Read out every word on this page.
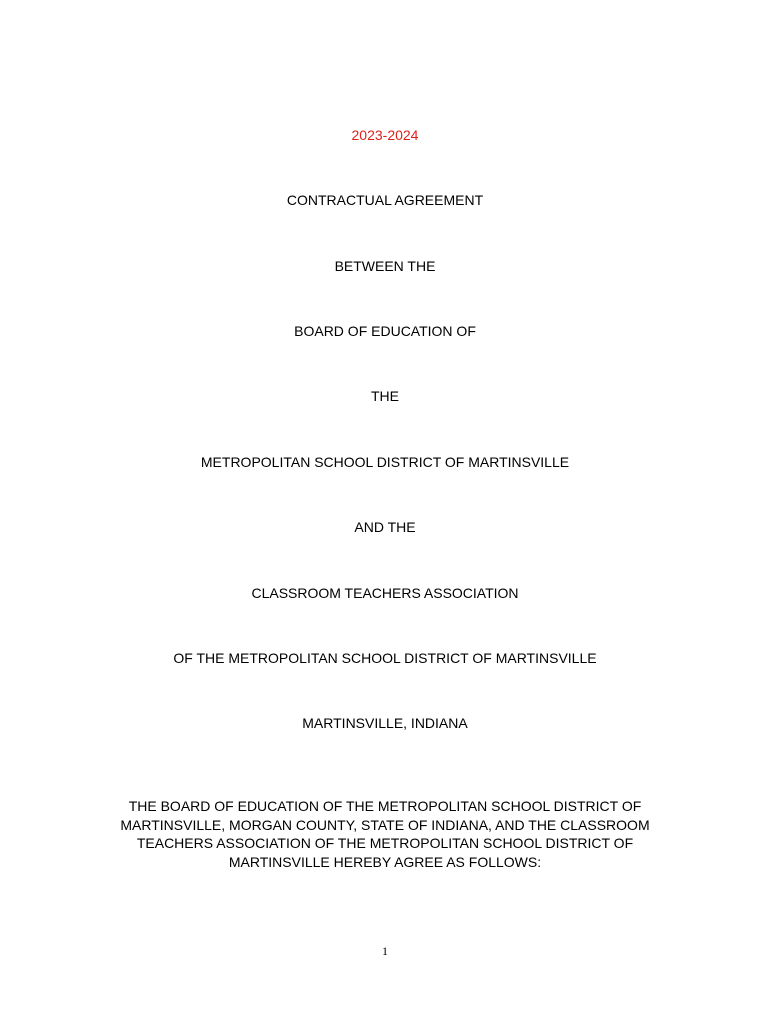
2023-2024
CONTRACTUAL AGREEMENT
BETWEEN THE
BOARD OF EDUCATION OF
THE
METROPOLITAN SCHOOL DISTRICT OF MARTINSVILLE
AND THE
CLASSROOM TEACHERS ASSOCIATION
OF THE METROPOLITAN SCHOOL DISTRICT OF MARTINSVILLE
MARTINSVILLE, INDIANA
THE BOARD OF EDUCATION OF THE METROPOLITAN SCHOOL DISTRICT OF
MARTINSVILLE, MORGAN COUNTY, STATE OF INDIANA, AND THE CLASSROOM
TEACHERS ASSOCIATION OF THE METROPOLITAN SCHOOL DISTRICT OF
MARTINSVILLE HEREBY AGREE AS FOLLOWS:
1
